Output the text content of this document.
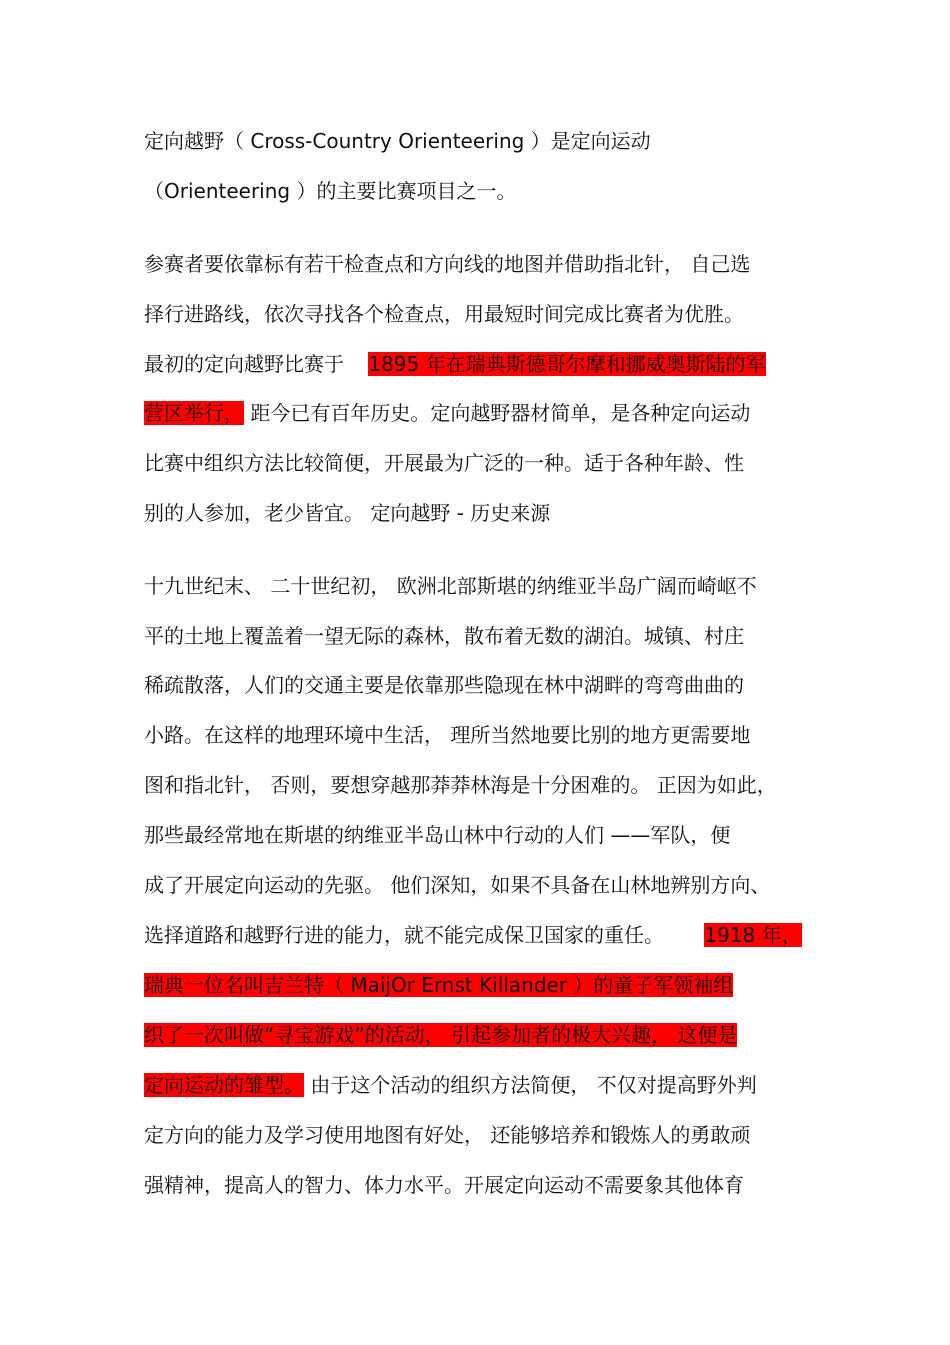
定向越野（ Cross-Country Orienteering ）是定向运动
（Orienteering ）的主要比赛项目之一。
参赛者要依靠标有若干检查点和方向线的地图并借助指北针， 自己选
择行进路线，依次寻找各个检查点，用最短时间完成比赛者为优胜。
最初的定向越野比赛于 1895 年在瑞典斯德哥尔摩和挪威奥斯陆的军
营区举行， 距今已有百年历史。定向越野器材简单，是各种定向运动
比赛中组织方法比较简便，开展最为广泛的一种。适于各种年龄、性
别的人参加，老少皆宜。 定向越野 - 历史来源
十九世纪末、 二十世纪初， 欧洲北部斯堪的纳维亚半岛广阔而崎岖不
平的土地上覆盖着一望无际的森林，散布着无数的湖泊。城镇、村庄
稀疏散落，人们的交通主要是依靠那些隐现在林中湖畔的弯弯曲曲的
小路。在这样的地理环境中生活， 理所当然地要比别的地方更需要地
图和指北针， 否则，要想穿越那莽莽林海是十分困难的。 正因为如此，
那些最经常地在斯堪的纳维亚半岛山林中行动的人们 ——军队，便
成了开展定向运动的先驱。 他们深知，如果不具备在山林地辨别方向、
选择道路和越野行进的能力，就不能完成保卫国家的重任。 1918 年，
瑞典一位名叫吉兰特（ MaijOr Ernst Killander ）的童子军领袖组
织了一次叫做“寻宝游戏”的活动， 引起参加者的极大兴趣， 这便是
定向运动的雏型。 由于这个活动的组织方法简便， 不仅对提高野外判
定方向的能力及学习使用地图有好处， 还能够培养和锻炼人的勇敢顽
强精神，提高人的智力、体力水平。开展定向运动不需要象其他体育
